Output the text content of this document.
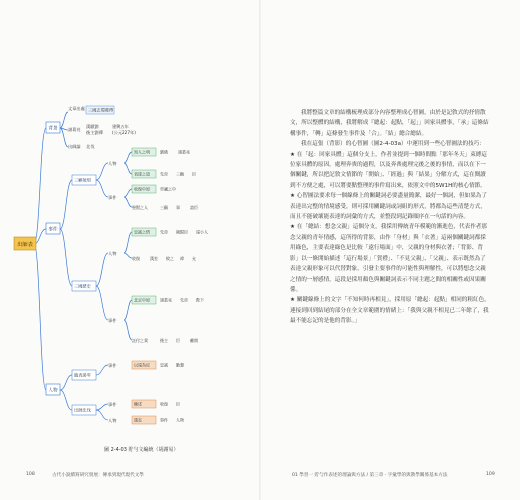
出師表
背景
事件
人物
文章出處 三國志蜀將傳
諸葛亮
漢獻劉
後主劉禪
建興五年
(公元227年)
出師論 北伐
三顧頻煩
三國歷史
人物
事件
人物
事件
臨表涕零
出師北伐
事件
事件
人物
知人之明	劉備	諸葛亮
表達之道	先帝 三顧 臣
收復中原	草廬之中
聖賢之人	三顧 事	諮臣
忠誠之情	先帝 親賢臣 遠小人
收復	漢室 攸之 禕 允
北定中原	諸葛亮 先帝 陛下
託付之責	後主 臣	離開
以遠為近	忠誠 勤懇
陳述	收復 臣
漢室	事件 人物
圖 2-4-03 貯勻文編統（胡謝易）
108	古代小說續寫研究發展：傳承到現代現代文學

我將整篇文章的結構梳理成部分內容整理成心智圖，由於是記敘式的抒情散文，所以整體的結構，我將解成『總起：起點，「起」」回家具體事，「承」這條結構事件，「轉」這條發生事件及「合」。「結」總合總結。

我在這張（背影）的心智圖（圖2-4-03a）中運用到一些心智圖法的技巧：

★ 在「起：回家具體」這個分支上，作者並提到一個時間點「那年冬天」束縛這位家具體的原因，處理奔喪的過程，以及奔喪處理完後之後的事情，而以在下一個關鍵，所以把記敘文情節的「開始」、「經過」與「結果」分解方式，這在閱讀到不方便之處，可以將要點整理的事件寫出來，依照文中的5W1H的核心情節。

★ 心智圖法要求每一個線條上的關鍵詞必要盡量簡潔，最好一個詞，但如果為了表達出完整的情境感受，則可採用關鍵詞或詞組的形式，將都為這些清楚方式，而且不能破壞能表達的詞彙的方式，並整段到記錄順序在一句話的內容。

★ 在「總結：想念父親」這個分支，我採用傳統青年模範的漸進色，代表作者那念父親的青年情感，這所得的背影，由作「身材」與「衣著」這兩個關鍵詞都採用綠色，主要表達綠色是比較「遠行場面」中，父親的身材與衣著；「背影、背影」以一條開始描述「這行場景」「賀禮」、「不見父親」、「父親」、表示既然為了表達父親形象可以代替對象，引發主要事件的可能性與理解性，可以將想念父親之情的一層感情，這段是採用顏色與關鍵詞表示不同主題之間的相關性或因果關係。

★ 關鍵線條上的文字「不知何時再相見」，採用原「總起：起點」相同的粗紅色，連接到回到結尾的部分在全文章範圍的情緒上：「我與父親不相見已二年餘了，我最不能忘記的是他的背影。」

01 學習一 貯勻作表述的理論與方法 / 第三章 · 字彙學的與教學關係基本方法	109
